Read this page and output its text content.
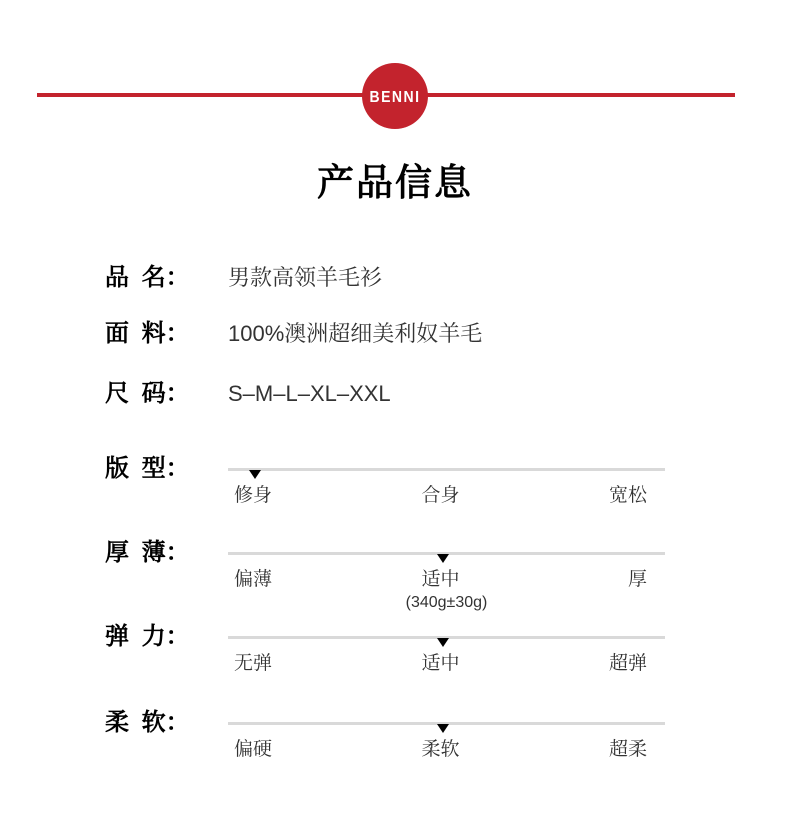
BENNI
产品信息
品 名：	男款高领羊毛衫
面 料：	100%澳洲超细美利奴羊毛
尺 码：	S–M–L–XL–XXL
版 型：
修身	合身	宽松
厚 薄：
偏薄	适中	厚
(340g±30g)
弹 力：
无弹	适中	超弹
柔 软：
偏硬	柔软	超柔
